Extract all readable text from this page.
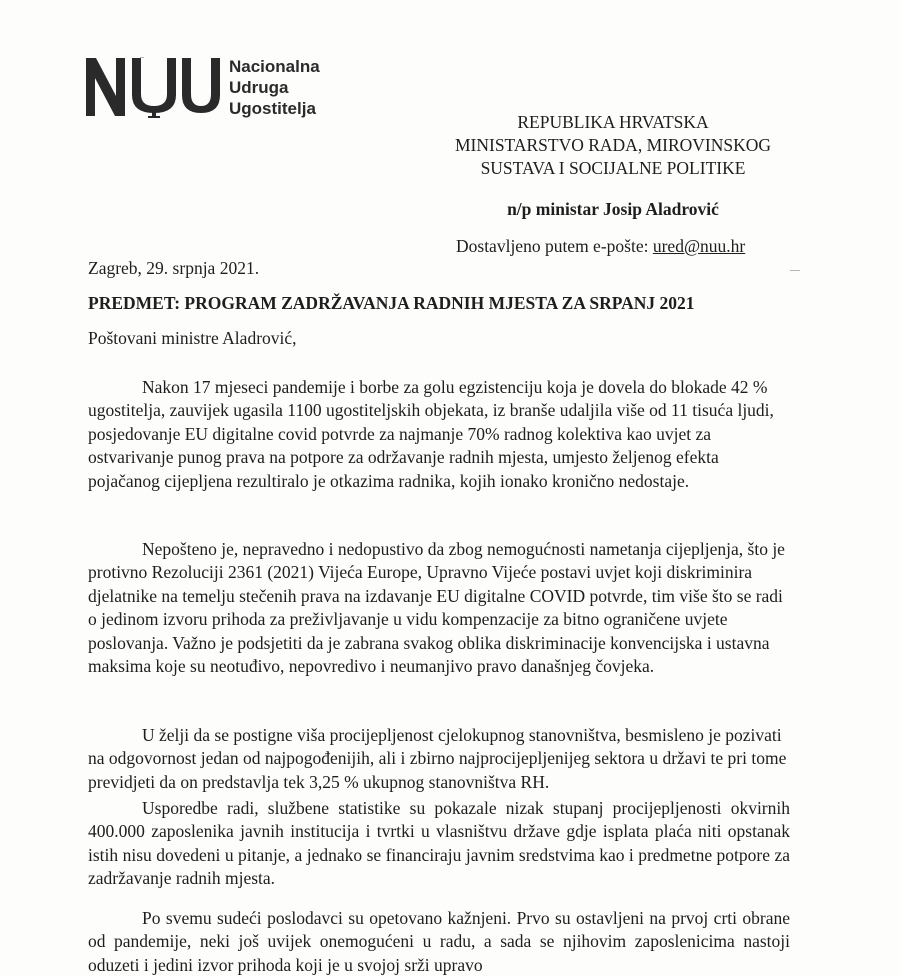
Nacionalna
Udruga
Ugostitelja
REPUBLIKA HRVATSKA
MINISTARSTVO RADA, MIROVINSKOG
SUSTAVA I SOCIJALNE POLITIKE
n/p ministar Josip Aladrović
Dostavljeno putem e-pošte: ured@nuu.hr
Zagreb, 29. srpnja 2021.
PREDMET: PROGRAM ZADRŽAVANJA RADNIH MJESTA ZA SRPANJ 2021
Poštovani ministre Aladrović,

Nakon 17 mjeseci pandemije i borbe za golu egzistenciju koja je dovela do blokade 42 % ugostitelja, zauvijek ugasila 1100 ugostiteljskih objekata, iz branše udaljila više od 11 tisuća ljudi, posjedovanje EU digitalne covid potvrde za najmanje 70% radnog kolektiva kao uvjet za ostvarivanje punog prava na potpore za održavanje radnih mjesta, umjesto željenog efekta pojačanog cijepljena rezultiralo je otkazima radnika, kojih ionako kronično nedostaje.

Nepošteno je, nepravedno i nedopustivo da zbog nemogućnosti nametanja cijepljenja, što je protivno Rezoluciji 2361 (2021) Vijeća Europe, Upravno Vijeće postavi uvjet koji diskriminira djelatnike na temelju stečenih prava na izdavanje EU digitalne COVID potvrde, tim više što se radi o jedinom izvoru prihoda za preživljavanje u vidu kompenzacije za bitno ograničene uvjete poslovanja. Važno je podsjetiti da je zabrana svakog oblika diskriminacije konvencijska i ustavna maksima koje su neotuđivo, nepovredivo i neumanjivo pravo današnjeg čovjeka.

U želji da se postigne viša procijepljenost cjelokupnog stanovništva, besmisleno je pozivati na odgovornost jedan od najpogođenijih, ali i zbirno najprocijepljenijeg sektora u državi te pri tome previdjeti da on predstavlja tek 3,25 % ukupnog stanovništva RH.

Usporedbe radi, službene statistike su pokazale nizak stupanj procijepljenosti okvirnih 400.000 zaposlenika javnih institucija i tvrtki u vlasništvu države gdje isplata plaća niti opstanak istih nisu dovedeni u pitanje, a jednako se financiraju javnim sredstvima kao i predmetne potpore za zadržavanje radnih mjesta.

Po svemu sudeći poslodavci su opetovano kažnjeni. Prvo su ostavljeni na prvoj crti obrane od pandemije, neki još uvijek onemogućeni u radu, a sada se njihovim zaposlenicima nastoji oduzeti i jedini izvor prihoda koji je u svojoj srži upravo
